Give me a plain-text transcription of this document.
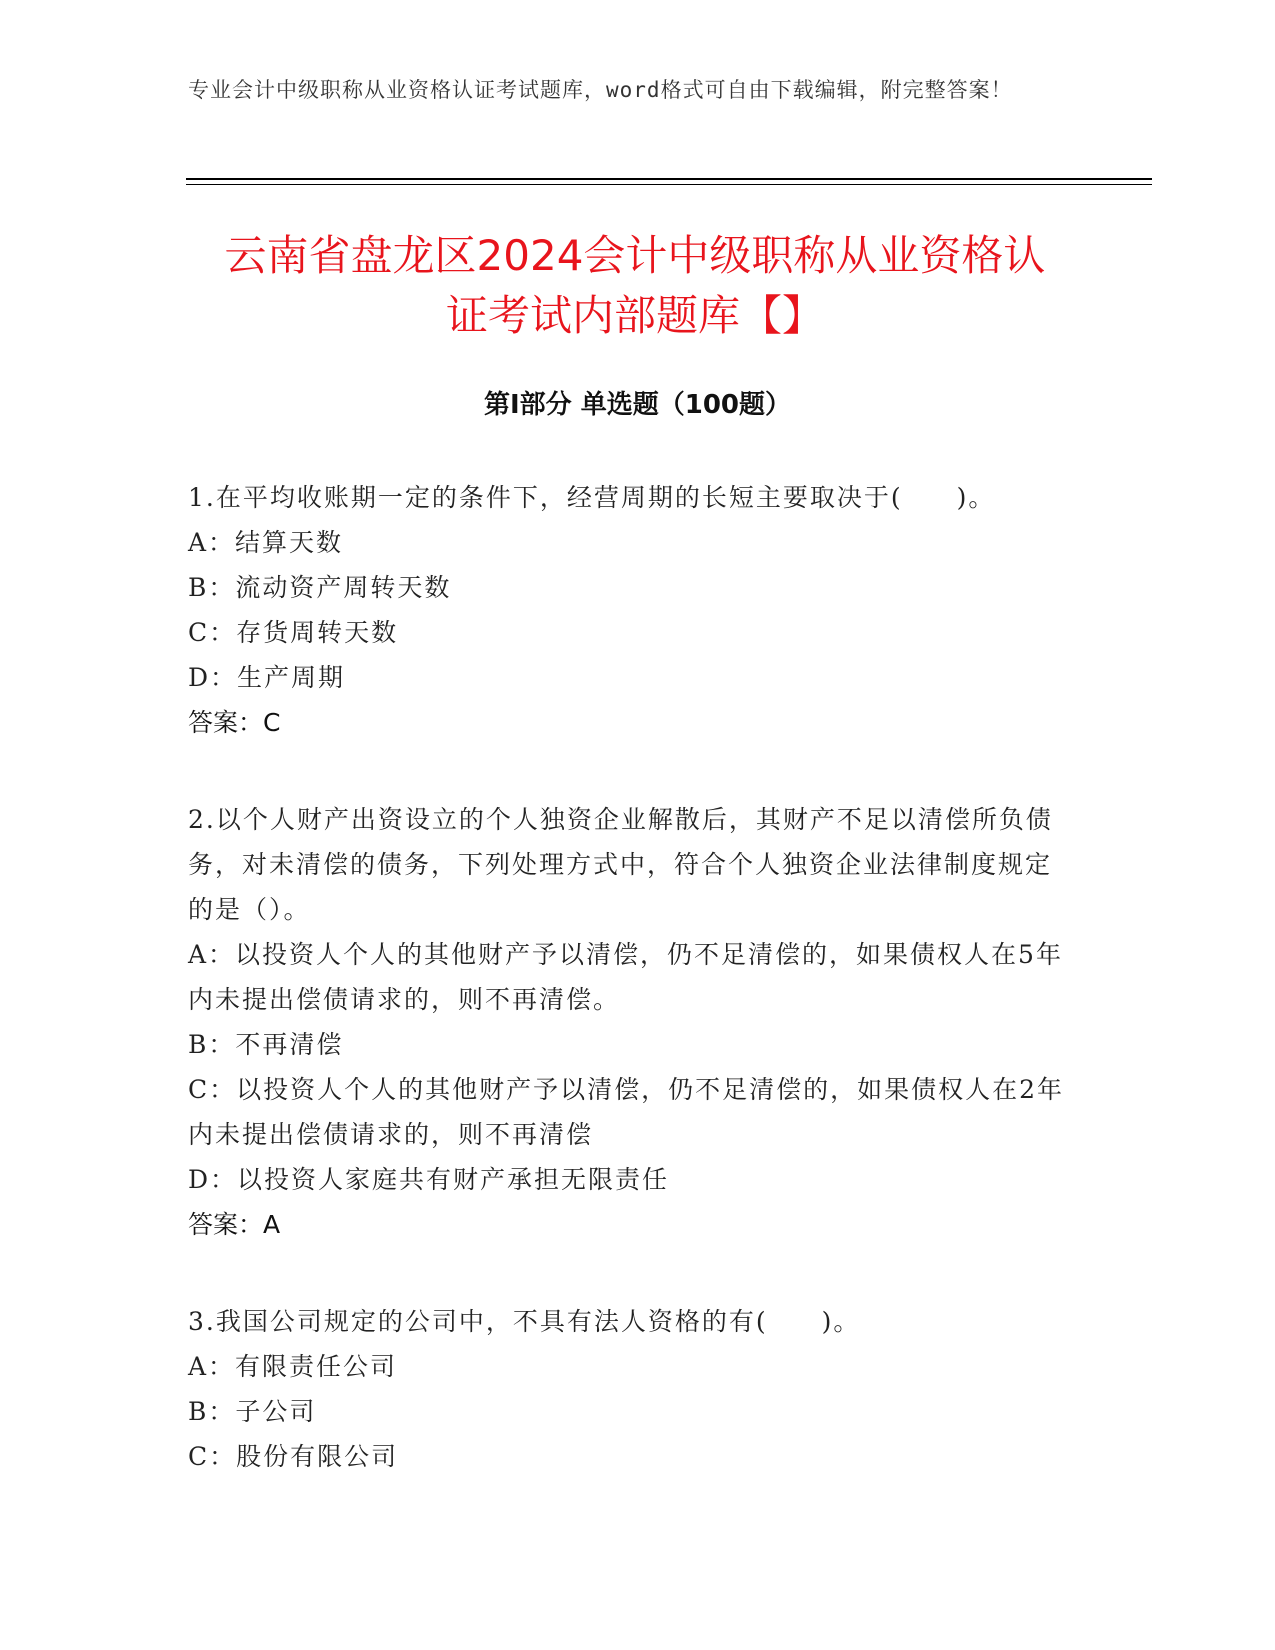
专业会计中级职称从业资格认证考试题库，word格式可自由下载编辑，附完整答案！
云南省盘龙区2024会计中级职称从业资格认
证考试内部题库【】
第I部分 单选题（100题）
1.在平均收账期一定的条件下，经营周期的长短主要取决于(　　)。
A：结算天数
B：流动资产周转天数
C：存货周转天数
D：生产周期
答案：C
2.以个人财产出资设立的个人独资企业解散后，其财产不足以清偿所负债务，对未清偿的债务，下列处理方式中，符合个人独资企业法律制度规定的是（）。
A：以投资人个人的其他财产予以清偿，仍不足清偿的，如果债权人在5年内未提出偿债请求的，则不再清偿。
B：不再清偿
C：以投资人个人的其他财产予以清偿，仍不足清偿的，如果债权人在2年内未提出偿债请求的，则不再清偿
D：以投资人家庭共有财产承担无限责任
答案：A
3.我国公司规定的公司中，不具有法人资格的有(　　)。
A：有限责任公司
B：子公司
C：股份有限公司
